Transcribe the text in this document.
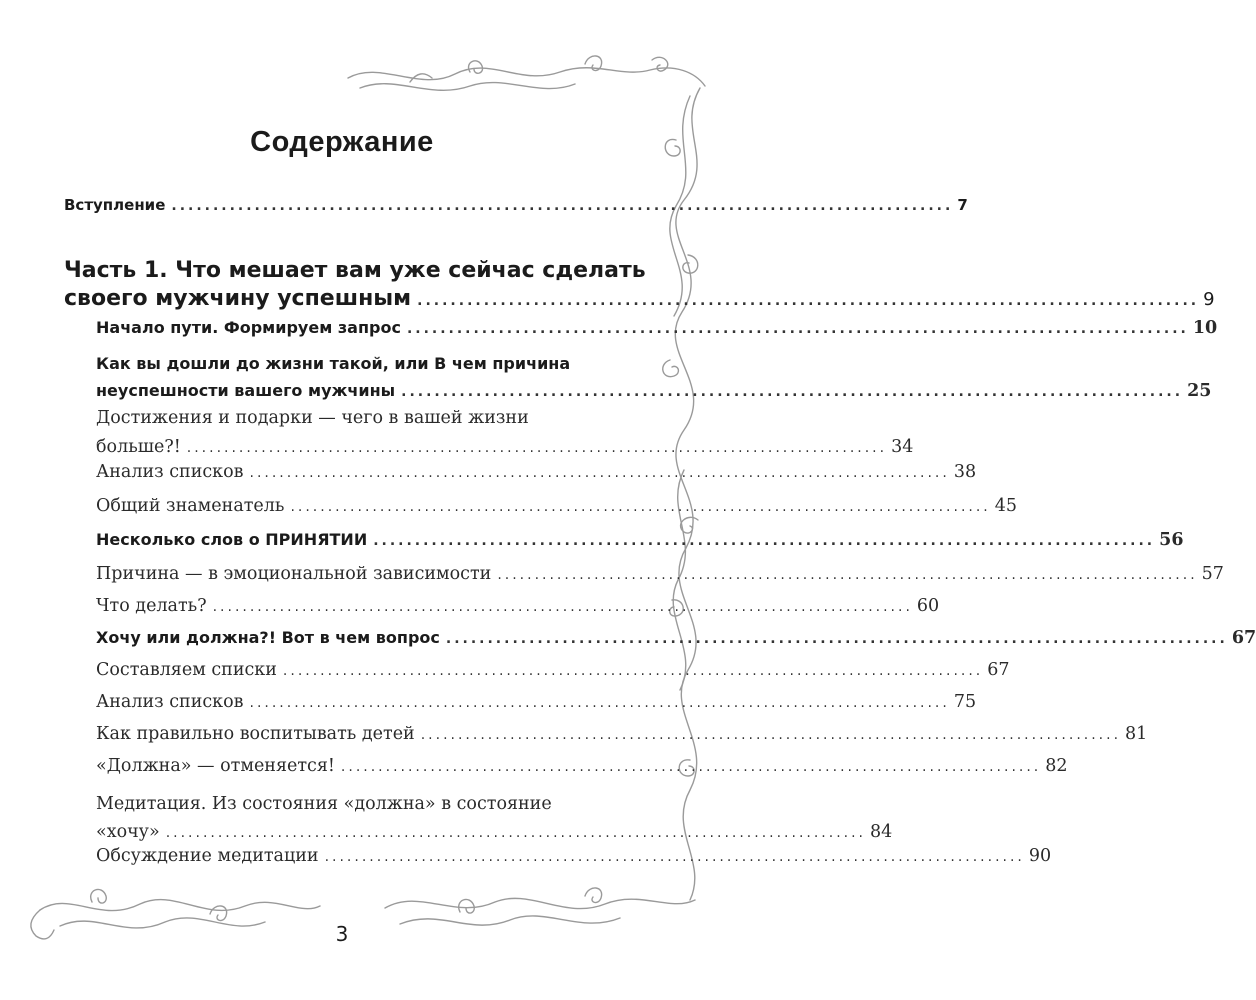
Содержание
Вступление .............................................................................................. 7
Часть 1. Что мешает вам уже сейчас сделать
своего мужчину успешным .............................................................................................. 9
Начало пути. Формируем запрос .............................................................................................. 10
Как вы дошли до жизни такой, или В чем причина
неуспешности вашего мужчины .............................................................................................. 25
Достижения и подарки — чего в вашей жизни
больше?! .............................................................................................. 34
Анализ списков .............................................................................................. 38
Общий знаменатель .............................................................................................. 45
Несколько слов о ПРИНЯТИИ .............................................................................................. 56
Причина — в эмоциональной зависимости .............................................................................................. 57
Что делать? .............................................................................................. 60
Хочу или должна?! Вот в чем вопрос .............................................................................................. 67
Составляем списки .............................................................................................. 67
Анализ списков .............................................................................................. 75
Как правильно воспитывать детей .............................................................................................. 81
«Должна» — отменяется! .............................................................................................. 82
Медитация. Из состояния «должна» в состояние
«хочу» .............................................................................................. 84
Обсуждение медитации .............................................................................................. 90
3
